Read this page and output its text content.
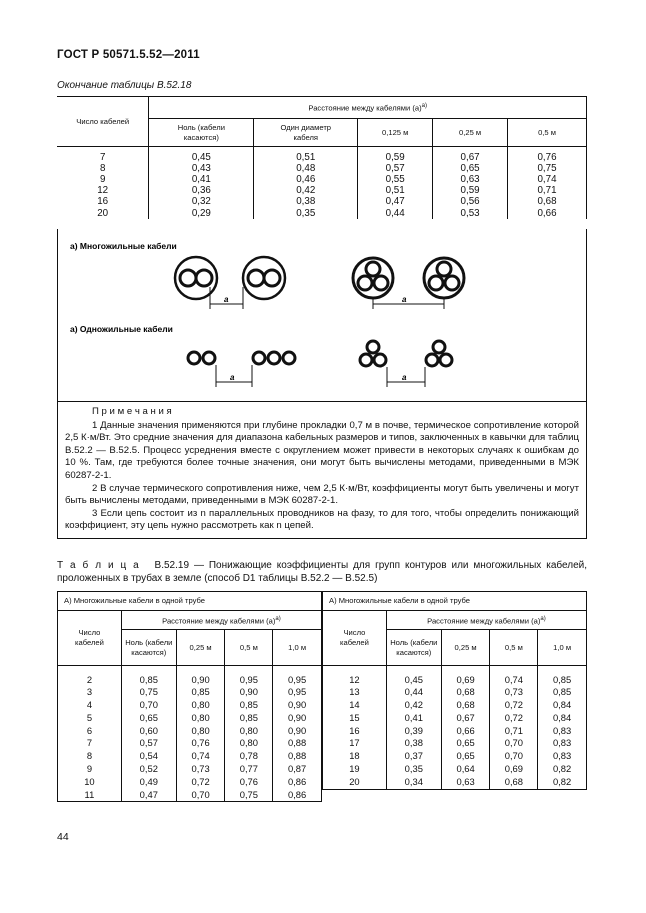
ГОСТ Р 50571.5.52—2011
Окончание таблицы В.52.18
Число кабелей	Расстояние между кабелями $(а)^{а)}$
	Ноль (кабели касаются)	Один диаметр кабеля	0,125 м	0,25 м	0,5 м

7	0,45	0,51	0,59	0,67	0,76
8	0,43	0,48	0,57	0,65	0,75
9	0,41	0,46	0,55	0,63	0,74
12	0,36	0,42	0,51	0,59	0,71
16	0,32	0,38	0,47	0,56	0,68
20	0,29	0,35	0,44	0,53	0,66
а) Многожильные кабели
а	а
а) Одножильные кабели
а	а

П р и м е ч а н и я

1 Данные значения применяются при глубине прокладки 0,7 м в почве, термическое сопротивление которой 2,5 К·м/Вт. Это средние значения для диапазона кабельных размеров и типов, заключенных в кавычки для таблиц В.52.2 — В.52.5. Процесс усреднения вместе с округлением может привести в некоторых случаях к ошибкам до 10 %. Там, где требуются более точные значения, они могут быть вычислены методами, приведенными в МЭК 60287-2-1.

2 В случае термического сопротивления ниже, чем 2,5 К·м/Вт, коэффициенты могут быть увеличены и могут быть вычислены методами, приведенными в МЭК 60287-2-1.

3 Если цепь состоит из n параллельных проводников на фазу, то для того, чтобы определить понижающий коэффициент, эту цепь нужно рассмотреть как n цепей.

Т а б л и ц а В.52.19 — Понижающие коэффициенты для групп контуров или многожильных кабелей, проложенных в трубах в земле (способ D1 таблицы В.52.2 — В.52.5)
А) Многожильные кабели в одной трубе				
Число кабелей	Расстояние между кабелями $(а)^{а)}$
	Ноль (кабели касаются)	0,25 м	0,5 м	1,0 м

2	0,85	0,90	0,95	0,95
3	0,75	0,85	0,90	0,95
4	0,70	0,80	0,85	0,90
5	0,65	0,80	0,85	0,90
6	0,60	0,80	0,80	0,90
7	0,57	0,76	0,80	0,88
8	0,54	0,74	0,78	0,88
9	0,52	0,73	0,77	0,87
10	0,49	0,72	0,76	0,86
11	0,47	0,70	0,75	0,86
А) Многожильные кабели в одной трубе				
Число кабелей	Расстояние между кабелями $(а)^{а)}$
	Ноль (кабели касаются)	0,25 м	0,5 м	1,0 м

12	0,45	0,69	0,74	0,85
13	0,44	0,68	0,73	0,85
14	0,42	0,68	0,72	0,84
15	0,41	0,67	0,72	0,84
16	0,39	0,66	0,71	0,83
17	0,38	0,65	0,70	0,83
18	0,37	0,65	0,70	0,83
19	0,35	0,64	0,69	0,82
20	0,34	0,63	0,68	0,82

44
